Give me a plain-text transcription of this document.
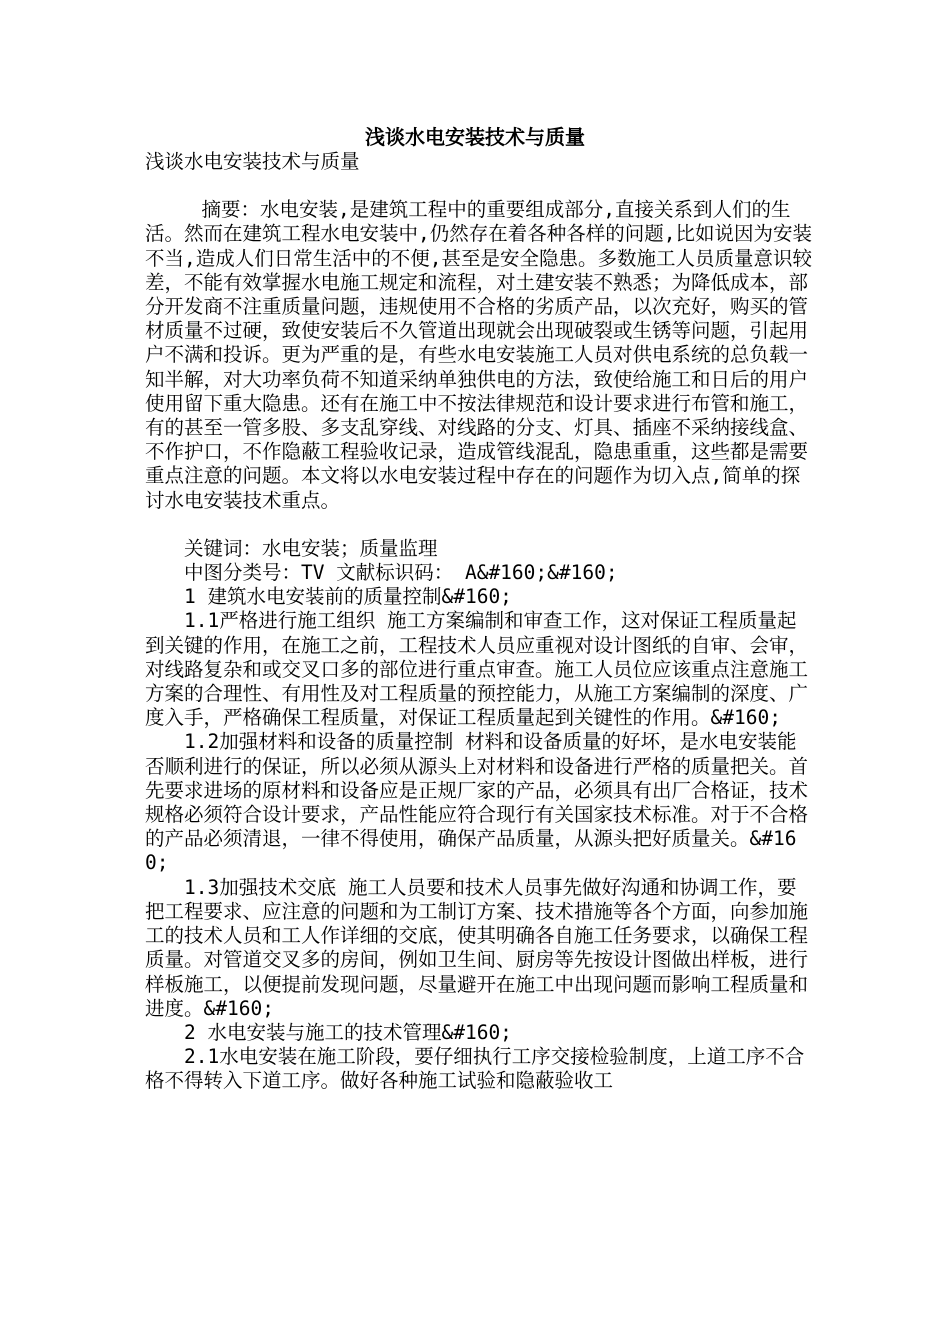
浅谈水电安装技术与质量

浅谈水电安装技术与质量

摘要：水电安装,是建筑工程中的重要组成部分,直接关系到人们的生活。然而在建筑工程水电安装中,仍然存在着各种各样的问题,比如说因为安装不当,造成人们日常生活中的不便,甚至是安全隐患。多数施工人员质量意识较差，不能有效掌握水电施工规定和流程，对土建安装不熟悉；为降低成本，部分开发商不注重质量问题，违规使用不合格的劣质产品，以次充好，购买的管材质量不过硬，致使安装后不久管道出现就会出现破裂或生锈等问题，引起用户不满和投诉。更为严重的是，有些水电安装施工人员对供电系统的总负载一知半解，对大功率负荷不知道采纳单独供电的方法，致使给施工和日后的用户使用留下重大隐患。还有在施工中不按法律规范和设计要求进行布管和施工，有的甚至一管多股、多支乱穿线、对线路的分支、灯具、插座不采纳接线盒、不作护口，不作隐蔽工程验收记录，造成管线混乱，隐患重重，这些都是需要重点注意的问题。本文将以水电安装过程中存在的问题作为切入点,简单的探讨水电安装技术重点。

关键词：水电安装；质量监理

中图分类号：TV 文献标识码： A&#160;&#160;

1 建筑水电安装前的质量控制&#160;

1.1严格进行施工组织 施工方案编制和审查工作，这对保证工程质量起到关键的作用，在施工之前，工程技术人员应重视对设计图纸的自审、会审，对线路复杂和或交叉口多的部位进行重点审查。施工人员位应该重点注意施工方案的合理性、有用性及对工程质量的预控能力，从施工方案编制的深度、广度入手，严格确保工程质量，对保证工程质量起到关键性的作用。&#160;

1.2加强材料和设备的质量控制 材料和设备质量的好坏，是水电安装能否顺利进行的保证，所以必须从源头上对材料和设备进行严格的质量把关。首先要求进场的原材料和设备应是正规厂家的产品，必须具有出厂合格证，技术规格必须符合设计要求，产品性能应符合现行有关国家技术标准。对于不合格的产品必须清退，一律不得使用，确保产品质量，从源头把好质量关。&#160;

1.3加强技术交底 施工人员要和技术人员事先做好沟通和协调工作，要把工程要求、应注意的问题和为工制订方案、技术措施等各个方面，向参加施工的技术人员和工人作详细的交底，使其明确各自施工任务要求，以确保工程质量。对管道交叉多的房间，例如卫生间、厨房等先按设计图做出样板，进行样板施工，以便提前发现问题，尽量避开在施工中出现问题而影响工程质量和进度。&#160;

2 水电安装与施工的技术管理&#160;

2.1水电安装在施工阶段，要仔细执行工序交接检验制度，上道工序不合格不得转入下道工序。做好各种施工试验和隐蔽验收工
